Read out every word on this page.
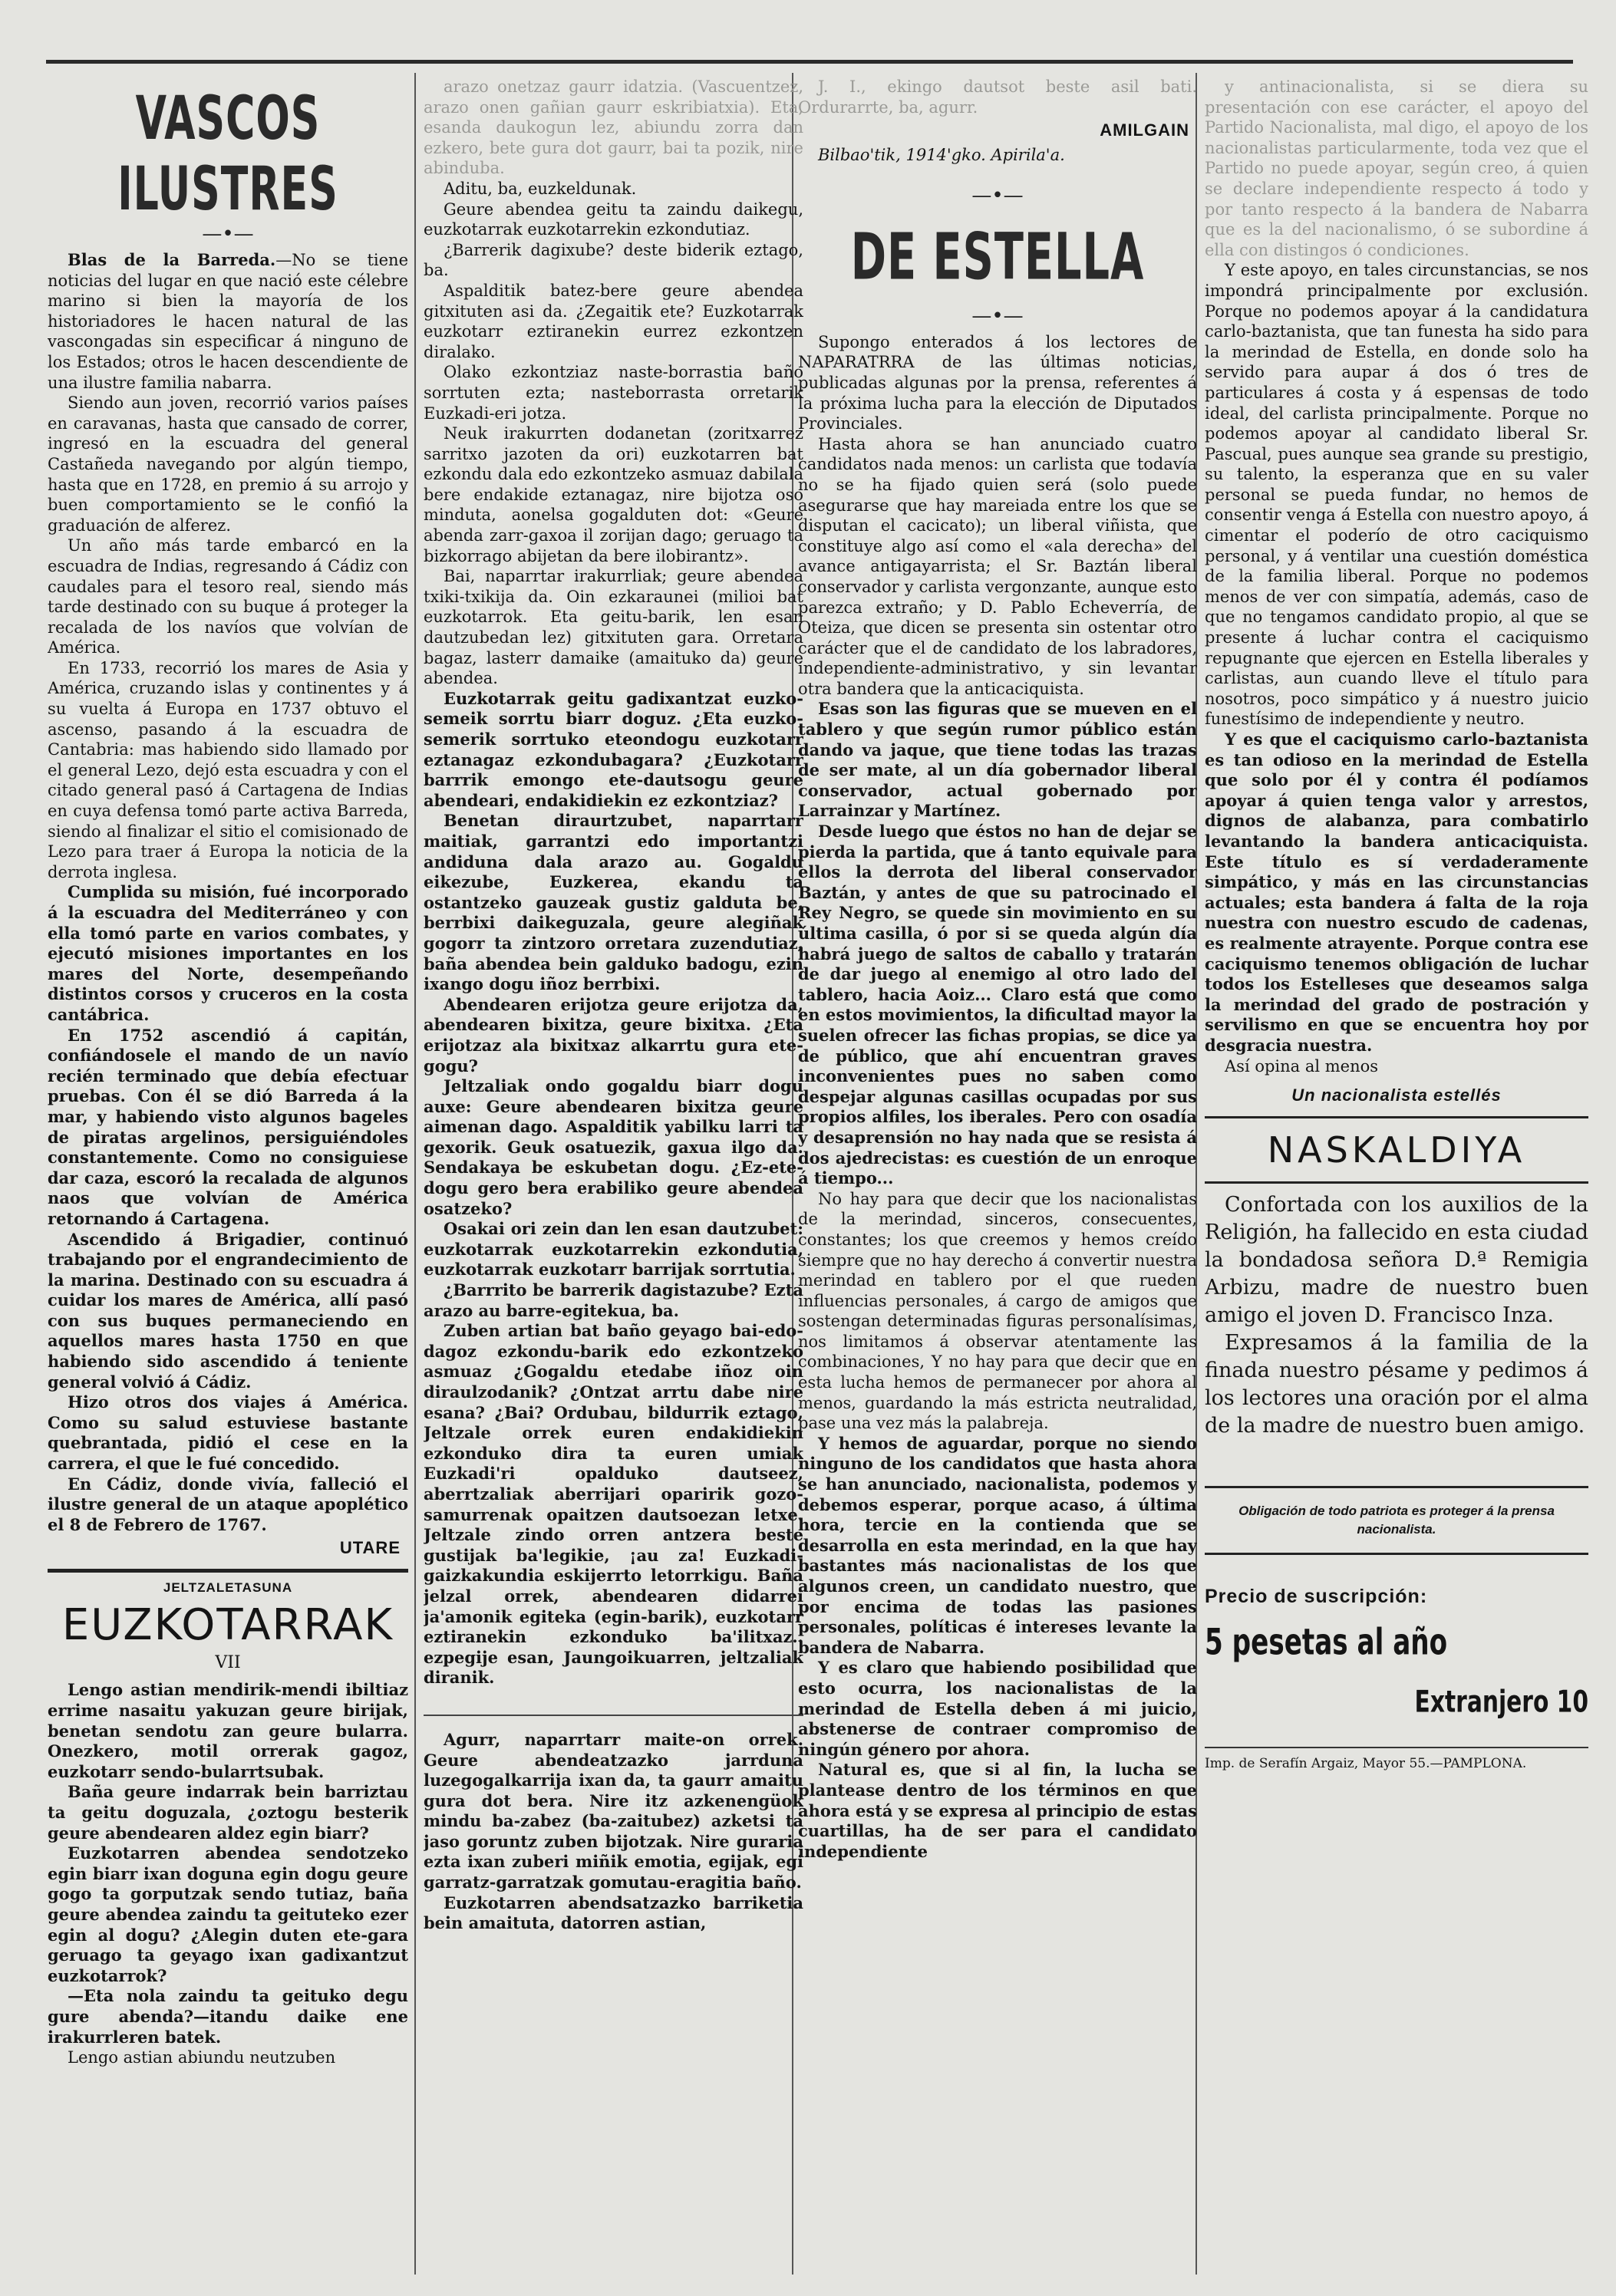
VASCOS ILUSTRES
—•—

Blas de la Barreda.—No se tiene noticias del lugar en que nació este célebre marino si bien la mayoría de los historiadores le hacen natural de las vascongadas sin especificar á ninguno de los Estados; otros le hacen descendiente de una ilustre familia nabarra.

Siendo aun joven, recorrió varios países en caravanas, hasta que cansado de correr, ingresó en la escuadra del general Castañeda navegando por algún tiempo, hasta que en 1728, en premio á su arrojo y buen comportamiento se le confió la graduación de alferez.

Un año más tarde embarcó en la escuadra de Indias, regresando á Cádiz con caudales para el tesoro real, siendo más tarde destinado con su buque á proteger la recalada de los navíos que volvían de América.

En 1733, recorrió los mares de Asia y América, cruzando islas y continentes y á su vuelta á Europa en 1737 obtuvo el ascenso, pasando á la escuadra de Cantabria: mas habiendo sido llamado por el general Lezo, dejó esta escuadra y con el citado general pasó á Cartagena de Indias en cuya defensa tomó parte activa Barreda, siendo al finalizar el sitio el comisionado de Lezo para traer á Europa la noticia de la derrota inglesa.

Cumplida su misión, fué incorporado á la escuadra del Mediterráneo y con ella tomó parte en varios combates, y ejecutó misiones importantes en los mares del Norte, desempeñando distintos corsos y cruceros en la costa cantábrica.

En 1752 ascendió á capitán, confiándosele el mando de un navío recién terminado que debía efectuar pruebas. Con él se dió Barreda á la mar, y habiendo visto algunos bageles de piratas argelinos, persiguiéndoles constantemente. Como no consiguiese dar caza, escoró la recalada de algunos naos que volvían de América retornando á Cartagena.

Ascendido á Brigadier, continuó trabajando por el engrandecimiento de la marina. Destinado con su escuadra á cuidar los mares de América, allí pasó con sus buques permaneciendo en aquellos mares hasta 1750 en que habiendo sido ascendido á teniente general volvió á Cádiz.

Hizo otros dos viajes á América. Como su salud estuviese bastante quebrantada, pidió el cese en la carrera, el que le fué concedido.

En Cádiz, donde vivía, falleció el ilustre general de un ataque apoplético el 8 de Febrero de 1767.

UTARE
JELTZALETASUNA
EUZKOTARRAK
VII

Lengo astian mendirik-mendi ibiltiaz errime nasaitu yakuzan geure birijak, benetan sendotu zan geure bularra. Onezkero, motil orrerak gagoz, euzkotarr sendo-bularrtsubak.

Baña geure indarrak bein barriztau ta geitu doguzala, ¿oztogu besterik geure abendearen aldez egin biarr?

Euzkotarren abendea sendotzeko egin biarr ixan doguna egin dogu geure gogo ta gorputzak sendo tutiaz, baña geure abendea zaindu ta geituteko ezer egin al dogu? ¿Alegin duten ete-gara geruago ta geyago ixan gadixantzut euzkotarrok?

—Eta nola zaindu ta geituko degu gure abenda?—itandu daike ene irakurrleren batek.

Lengo astian abiundu neutzuben

arazo onetzaz gaurr idatzia. (Vascuentzez, arazo onen gañian gaurr eskribiatxia). Eta, esanda daukogun lez, abiundu zorra dan ezkero, bete gura dot gaurr, bai ta pozik, nire abinduba.

Aditu, ba, euzkeldunak.

Geure abendea geitu ta zaindu daikegu, euzkotarrak euzkotarrekin ezkondutiaz.

¿Barrerik dagixube? deste biderik eztago, ba.

Aspalditik batez-bere geure abendea gitxituten asi da. ¿Zegaitik ete? Euzkotarrak euzkotarr eztiranekin eurrez ezkontzen diralako.

Olako ezkontziaz naste-borrastia baño sorrtuten ezta; nasteborrasta orretarik Euzkadi-eri jotza.

Neuk irakurrten dodanetan (zoritxarrez sarritxo jazoten da ori) euzkotarren bat ezkondu dala edo ezkontzeko asmuaz dabilala bere endakide eztanagaz, nire bijotza oso minduta, aonelsa gogalduten dot: «Geure abenda zarr-gaxoa il zorijan dago; geruago ta bizkorrago abijetan da bere ilobirantz».

Bai, naparrtar irakurrliak; geure abendea txiki-txikija da. Oin ezkaraunei (milioi bat euzkotarrok. Eta geitu-barik, len esan dautzubedan lez) gitxituten gara. Orretara bagaz, lasterr damaike (amaituko da) geure abendea.

Euzkotarrak geitu gadixantzat euzko-semeik sorrtu biarr doguz. ¿Eta euzko-semerik sorrtuko eteondogu euzkotarr eztanagaz ezkondubagara? ¿Euzkotarr barrrik emongo ete-dautsogu geure abendeari, endakidiekin ez ezkontziaz?

Benetan diraurtzubet, naparrtarr maitiak, garrantzi edo importantzi andiduna dala arazo au. Gogaldu eikezube, Euzkerea, ekandu ta ostantzeko gauzeak gustiz galduta be, berrbixi daikeguzala, geure alegiñak gogorr ta zintzoro orretara zuzendutiaz, baña abendea bein galduko badogu, ezin ixango dogu iñoz berrbixi.

Abendearen erijotza geure erijotza da, abendearen bixitza, geure bixitxa. ¿Eta erijotzaz ala bixitxaz alkarrtu gura ete-gogu?

Jeltzaliak ondo gogaldu biarr dogu auxe: Geure abendearen bixitza geure aimenan dago. Aspalditik yabilku larri ta gexorik. Geuk osatuezik, gaxua ilgo da. Sendakaya be eskubetan dogu. ¿Ez-ete-dogu gero bera erabiliko geure abendea osatzeko?

Osakai ori zein dan len esan dautzubet: euzkotarrak euzkotarrekin ezkondutia, euzkotarrak euzkotarr barrijak sorrtutia.

¿Barrrito be barrerik dagistazube? Ezta arazo au barre-egitekua, ba.

Zuben artian bat baño geyago bai-edo-dagoz ezkondu-barik edo ezkontzeko asmuaz ¿Gogaldu etedabe iñoz oin diraulzodanik? ¿Ontzat arrtu dabe nire esana? ¿Bai? Ordubau, bildurrik eztago, Jeltzale orrek euren endakidiekin ezkonduko dira ta euren umiak Euzkadi'ri opalduko dautseez, aberrtzaliak aberrijari oparirik gozo-samurrenak opaitzen dautsoezan letxe. Jeltzale zindo orren antzera beste gustijak ba'legikie, ¡au za! Euzkadi-gaizkakundia eskijerrto letorrkigu. Baña jelzal orrek, abendearen didarrei ja'amonik egiteka (egin-barik), euzkotarr eztiranekin ezkonduko ba'ilitxaz.. ezpegije esan, Jaungoikuarren, jeltzaliak diranik.

Agurr, naparrtarr maite-on orrek. Geure abendeatzazko jarrduna luzegogalkarrija ixan da, ta gaurr amaitu gura dot bera. Nire itz azkenengüok mindu ba-zabez (ba-zaitubez) azketsi ta jaso goruntz zuben bijotzak. Nire guraria ezta ixan zuberi miñik emotia, egijak, egi garratz-garratzak gomutau-eragitia baño.

Euzkotarren abendsatzazko barriketia bein amaituta, datorren astian,

J. I., ekingo dautsot beste asil bati. Ordurarrte, ba, agurr.

AMILGAIN

Bilbao'tik, 1914'gko. Apirila'a.

—•—
DE ESTELLA
—•—

Supongo enterados á los lectores de NAPARATRRA de las últimas noticias, publicadas algunas por la prensa, referentes á la próxima lucha para la elección de Diputados Provinciales.

Hasta ahora se han anunciado cuatro candidatos nada menos: un carlista que todavía no se ha fijado quien será (solo puede asegurarse que hay mareiada entre los que se disputan el cacicato); un liberal viñista, que constituye algo así como el «ala derecha» del avance antigayarrista; el Sr. Baztán liberal conservador y carlista vergonzante, aunque esto parezca extraño; y D. Pablo Echeverría, de Oteiza, que dicen se presenta sin ostentar otro carácter que el de candidato de los labradores, independiente-administrativo, y sin levantar otra bandera que la anticaciquista.

Esas son las figuras que se mueven en el tablero y que según rumor público están dando va jaque, que tiene todas las trazas de ser mate, al un día gobernador liberal conservador, actual gobernado por Larrainzar y Martínez.

Desde luego que éstos no han de dejar se pierda la partida, que á tanto equivale para ellos la derrota del liberal conservador Baztán, y antes de que su patrocinado el Rey Negro, se quede sin movimiento en su última casilla, ó por si se queda algún día habrá juego de saltos de caballo y tratarán de dar juego al enemigo al otro lado del tablero, hacia Aoiz... Claro está que como en estos movimientos, la dificultad mayor la suelen ofrecer las fichas propias, se dice ya de público, que ahí encuentran graves inconvenientes pues no saben como despejar algunas casillas ocupadas por sus propios alfiles, los iberales. Pero con osadía y desaprensión no hay nada que se resista á dos ajedrecistas: es cuestión de un enroque á tiempo...

No hay para que decir que los nacionalistas de la merindad, sinceros, consecuentes, constantes; los que creemos y hemos creído siempre que no hay derecho á convertir nuestra merindad en tablero por el que rueden influencias personales, á cargo de amigos que sostengan determinadas figuras personalísimas, nos limitamos á observar atentamente las combinaciones, Y no hay para que decir que en esta lucha hemos de permanecer por ahora al menos, guardando la más estricta neutralidad, pase una vez más la palabreja.

Y hemos de aguardar, porque no siendo ninguno de los candidatos que hasta ahora se han anunciado, nacionalista, podemos y debemos esperar, porque acaso, á última hora, tercie en la contienda que se desarrolla en esta merindad, en la que hay bastantes más nacionalistas de los que algunos creen, un candidato nuestro, que por encima de todas las pasiones personales, políticas é intereses levante la bandera de Nabarra.

Y es claro que habiendo posibilidad que esto ocurra, los nacionalistas de la merindad de Estella deben á mi juicio, abstenerse de contraer compromiso de ningún género por ahora.

Natural es, que si al fin, la lucha se plantease dentro de los términos en que ahora está y se expresa al principio de estas cuartillas, ha de ser para el candidato independiente

y antinacionalista, si se diera su presentación con ese carácter, el apoyo del Partido Nacionalista, mal digo, el apoyo de los nacionalistas particularmente, toda vez que el Partido no puede apoyar, según creo, á quien se declare independiente respecto á todo y por tanto respecto á la bandera de Nabarra que es la del nacionalismo, ó se subordine á ella con distingos ó condiciones.

Y este apoyo, en tales circunstancias, se nos impondrá principalmente por exclusión. Porque no podemos apoyar á la candidatura carlo-baztanista, que tan funesta ha sido para la merindad de Estella, en donde solo ha servido para aupar á dos ó tres de particulares á costa y á espensas de todo ideal, del carlista principalmente. Porque no podemos apoyar al candidato liberal Sr. Pascual, pues aunque sea grande su prestigio, su talento, la esperanza que en su valer personal se pueda fundar, no hemos de consentir venga á Estella con nuestro apoyo, á cimentar el poderío de otro caciquismo personal, y á ventilar una cuestión doméstica de la familia liberal. Porque no podemos menos de ver con simpatía, además, caso de que no tengamos candidato propio, al que se presente á luchar contra el caciquismo repugnante que ejercen en Estella liberales y carlistas, aun cuando lleve el título para nosotros, poco simpático y á nuestro juicio funestísimo de independiente y neutro.

Y es que el caciquismo carlo-baztanista es tan odioso en la merindad de Estella que solo por él y contra él podíamos apoyar á quien tenga valor y arrestos, dignos de alabanza, para combatirlo levantando la bandera anticaciquista. Este título es sí verdaderamente simpático, y más en las circunstancias actuales; esta bandera á falta de la roja nuestra con nuestro escudo de cadenas, es realmente atrayente. Porque contra ese caciquismo tenemos obligación de luchar todos los Estelleses que deseamos salga la merindad del grado de postración y servilismo en que se encuentra hoy por desgracia nuestra.

Así opina al menos

Un nacionalista estellés
NASKALDIYA

Confortada con los auxilios de la Religión, ha fallecido en esta ciudad la bondadosa señora D.ª Remigia Arbizu, madre de nuestro buen amigo el joven D. Francisco Inza.

Expresamos á la familia de la finada nuestro pésame y pedimos á los lectores una oración por el alma de la madre de nuestro buen amigo.

Obligación de todo patriota es proteger á la prensa nacionalista.
Precio de suscripción:
5 pesetas al año
Extranjero 10
Imp. de Serafín Argaiz, Mayor 55.—PAMPLONA.
